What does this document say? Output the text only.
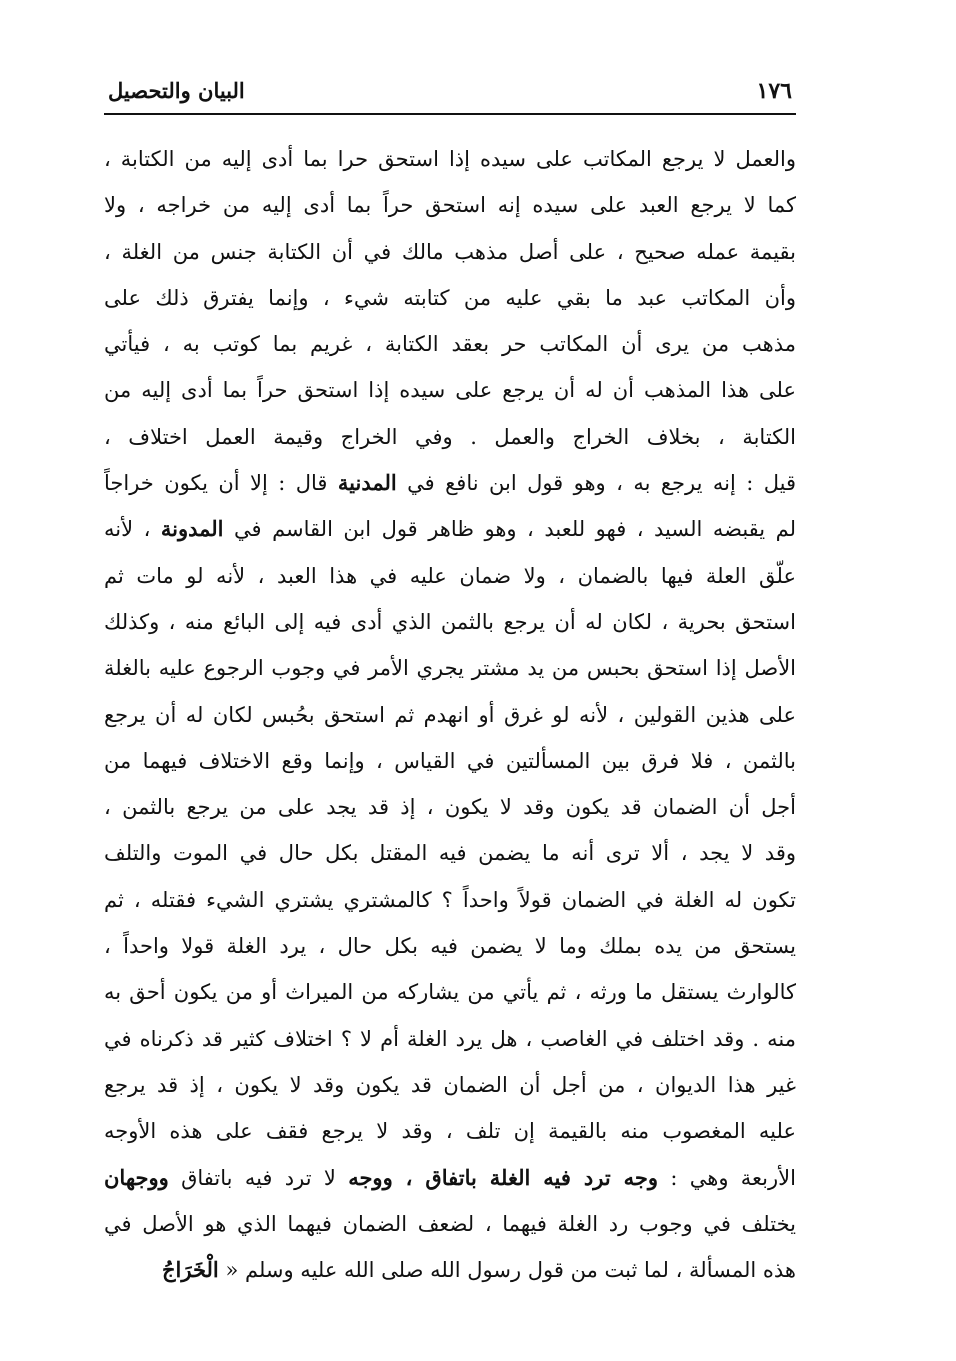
١٧٦
البيان والتحصيل
والعمل لا يرجع المكاتب على سيده إذا استحق حرا بما أدى إليه من الكتابة ،
كما لا يرجع العبد على سيده إنه استحق حراً بما أدى إليه من خراجه ، ولا
بقيمة عمله صحيح ، على أصل مذهب مالك في أن الكتابة جنس من الغلة ،
وأن المكاتب عبد ما بقي عليه من كتابته شيء ، وإنما يفترق ذلك على
مذهب من يرى أن المكاتب حر بعقد الكتابة ، غريم بما كوتب به ، فيأتي
على هذا المذهب أن له أن يرجع على سيده إذا استحق حراً بما أدى إليه من
الكتابة ، بخلاف الخراج والعمل . وفي الخراج وقيمة العمل اختلاف ،
قيل : إنه يرجع به ، وهو قول ابن نافع في المدنية قال : إلا أن يكون خراجاً
لم يقبضه السيد ، فهو للعبد ، وهو ظاهر قول ابن القاسم في المدونة ، لأنه
علّق العلة فيها بالضمان ، ولا ضمان عليه في هذا العبد ، لأنه لو مات ثم
استحق بحرية ، لكان له أن يرجع بالثمن الذي أدى فيه إلى البائع منه ، وكذلك
الأصل إذا استحق بحبس من يد مشتر يجري الأمر في وجوب الرجوع عليه بالغلة
على هذين القولين ، لأنه لو غرق أو انهدم ثم استحق بحُبس لكان له أن يرجع
بالثمن ، فلا فرق بين المسألتين في القياس ، وإنما وقع الاختلاف فيهما من
أجل أن الضمان قد يكون وقد لا يكون ، إذ قد يجد على من يرجع بالثمن ،
وقد لا يجد ، ألا ترى أنه ما يضمن فيه المقتل بكل حال في الموت والتلف
تكون له الغلة في الضمان قولاً واحداً ؟ كالمشتري يشتري الشيء فقتله ، ثم
يستحق من يده بملك وما لا يضمن فيه بكل حال ، يرد الغلة قولا واحداً ،
كالوارث يستقل ما ورثه ، ثم يأتي من يشاركه من الميراث أو من يكون أحق به
منه . وقد اختلف في الغاصب ، هل يرد الغلة أم لا ؟ اختلاف كثير قد ذكرناه في
غير هذا الديوان ، من أجل أن الضمان قد يكون وقد لا يكون ، إذ قد يرجع
عليه المغصوب منه بالقيمة إن تلف ، وقد لا يرجع فقف على هذه الأوجه
الأربعة وهي : وجه ترد فيه الغلة باتفاق ، ووجه لا ترد فيه باتفاق ووجهان
يختلف في وجوب رد الغلة فيهما ، لضعف الضمان فيهما الذي هو الأصل في
هذه المسألة ، لما ثبت من قول رسول الله صلى الله عليه وسلم « الْخَرَاجُ
